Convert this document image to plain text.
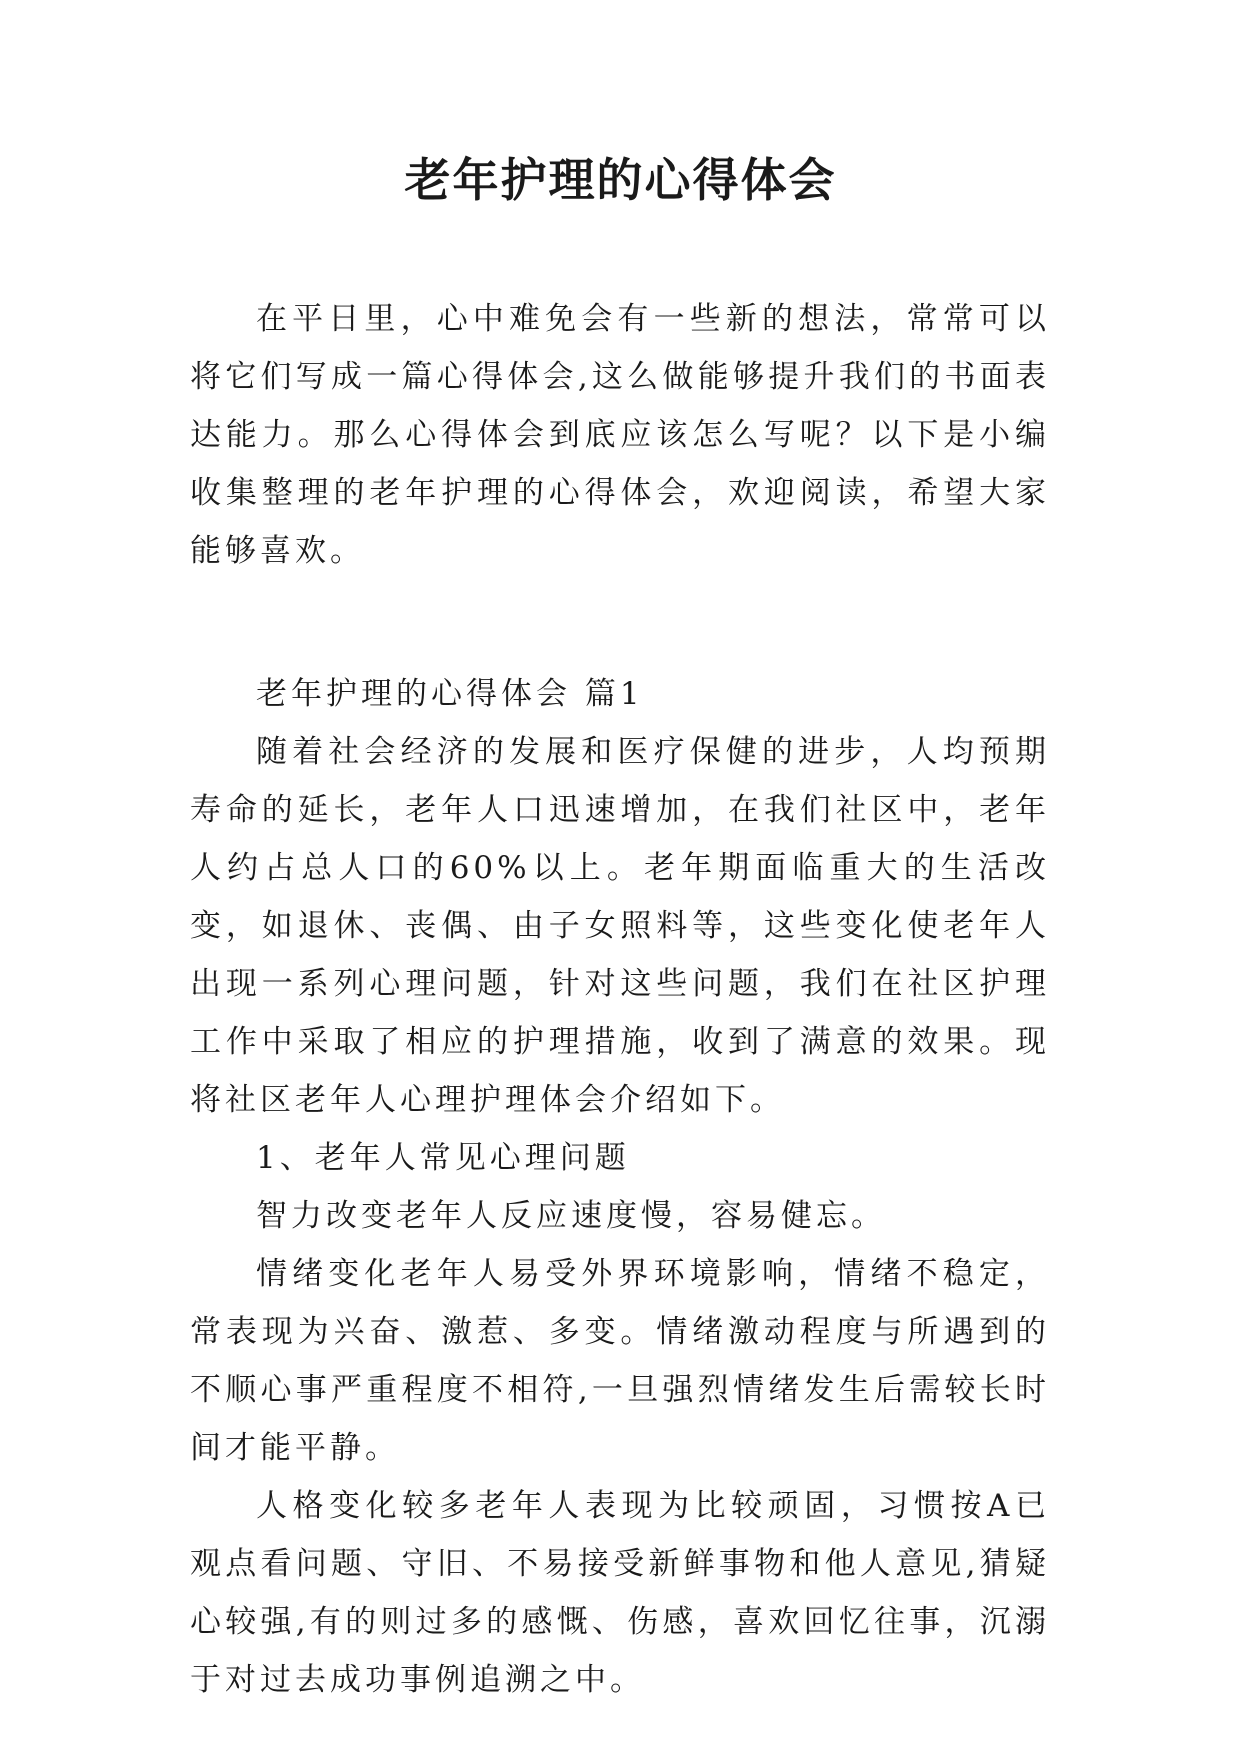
老年护理的心得体会

在平日里，心中难免会有一些新的想法，常常可以将它们写成一篇心得体会,这么做能够提升我们的书面表达能力。那么心得体会到底应该怎么写呢？以下是小编收集整理的老年护理的心得体会，欢迎阅读，希望大家能够喜欢。

老年护理的心得体会 篇1

随着社会经济的发展和医疗保健的进步，人均预期寿命的延长，老年人口迅速增加，在我们社区中，老年人约占总人口的60%以上。老年期面临重大的生活改变，如退休、丧偶、由子女照料等，这些变化使老年人出现一系列心理问题，针对这些问题，我们在社区护理工作中采取了相应的护理措施，收到了满意的效果。现将社区老年人心理护理体会介绍如下。

1、老年人常见心理问题

智力改变老年人反应速度慢，容易健忘。

情绪变化老年人易受外界环境影响，情绪不稳定，常表现为兴奋、激惹、多变。情绪激动程度与所遇到的不顺心事严重程度不相符,一旦强烈情绪发生后需较长时间才能平静。

人格变化较多老年人表现为比较顽固，习惯按A已观点看问题、守旧、不易接受新鲜事物和他人意见,猜疑心较强,有的则过多的感慨、伤感，喜欢回忆往事，沉溺于对过去成功事例追溯之中。
